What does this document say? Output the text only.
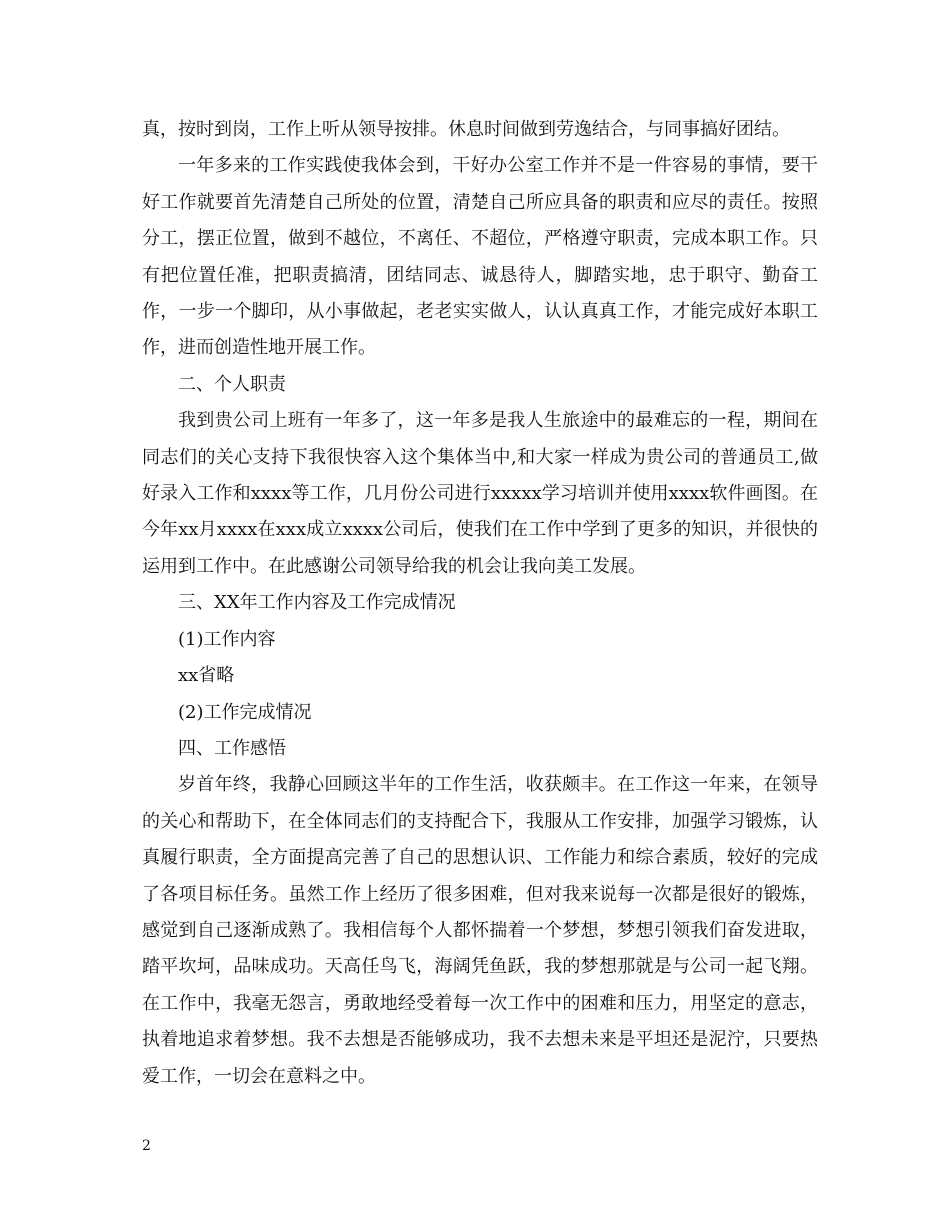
真，按时到岗，工作上听从领导按排。休息时间做到劳逸结合，与同事搞好团结。

一年多来的工作实践使我体会到，干好办公室工作并不是一件容易的事情，要干好工作就要首先清楚自己所处的位置，清楚自己所应具备的职责和应尽的责任。按照分工，摆正位置，做到不越位，不离任、不超位，严格遵守职责，完成本职工作。只有把位置任准，把职责搞清，团结同志、诚恳待人，脚踏实地，忠于职守、勤奋工作，一步一个脚印，从小事做起，老老实实做人，认认真真工作，才能完成好本职工作，进而创造性地开展工作。

二、个人职责

我到贵公司上班有一年多了，这一年多是我人生旅途中的最难忘的一程，期间在同志们的关心支持下我很快容入这个集体当中,和大家一样成为贵公司的普通员工,做好录入工作和xxxx等工作，几月份公司进行xxxxx学习培训并使用xxxx软件画图。在今年xx月xxxx在xxx成立xxxx公司后，使我们在工作中学到了更多的知识，并很快的运用到工作中。在此感谢公司领导给我的机会让我向美工发展。

三、XX年工作内容及工作完成情况

(1)工作内容

xx省略

(2)工作完成情况

四、工作感悟

岁首年终，我静心回顾这半年的工作生活，收获颇丰。在工作这一年来，在领导的关心和帮助下，在全体同志们的支持配合下，我服从工作安排，加强学习锻炼，认真履行职责，全方面提高完善了自己的思想认识、工作能力和综合素质，较好的完成了各项目标任务。虽然工作上经历了很多困难，但对我来说每一次都是很好的锻炼，感觉到自己逐渐成熟了。我相信每个人都怀揣着一个梦想，梦想引领我们奋发进取，踏平坎坷，品味成功。天高任鸟飞，海阔凭鱼跃，我的梦想那就是与公司一起飞翔。在工作中，我毫无怨言，勇敢地经受着每一次工作中的困难和压力，用坚定的意志，执着地追求着梦想。我不去想是否能够成功，我不去想未来是平坦还是泥泞，只要热爱工作，一切会在意料之中。

2
